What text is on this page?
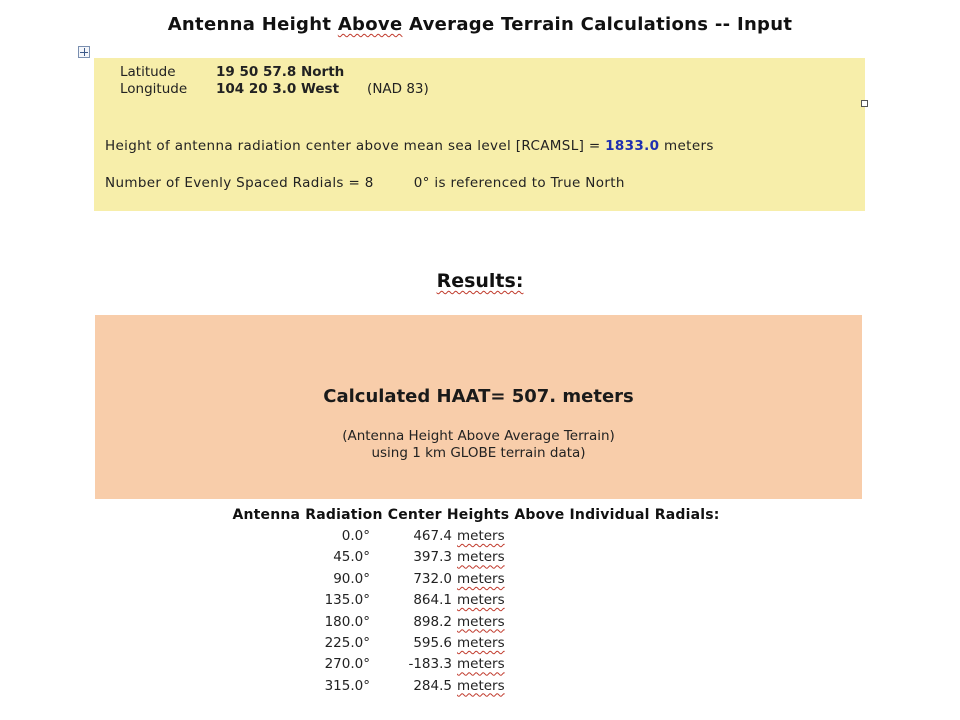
Antenna Height Above Average Terrain Calculations -- Input
Latitude	19 50 57.8 North
Longitude 104 20 3.0 West (NAD 83)
Height of antenna radiation center above mean sea level [RCAMSL] = 1833.0 meters
Number of Evenly Spaced Radials = 8	0° is referenced to True North
Results:
Calculated HAAT= 507. meters
(Antenna Height Above Average Terrain)
using 1 km GLOBE terrain data)
Antenna Radiation Center Heights Above Individual Radials:
0.0°	467.4 meters
45.0°	397.3 meters
90.0°	732.0 meters
135.0°	864.1 meters
180.0°	898.2 meters
225.0°	595.6 meters
270.0°	-183.3 meters
315.0°	284.5 meters
